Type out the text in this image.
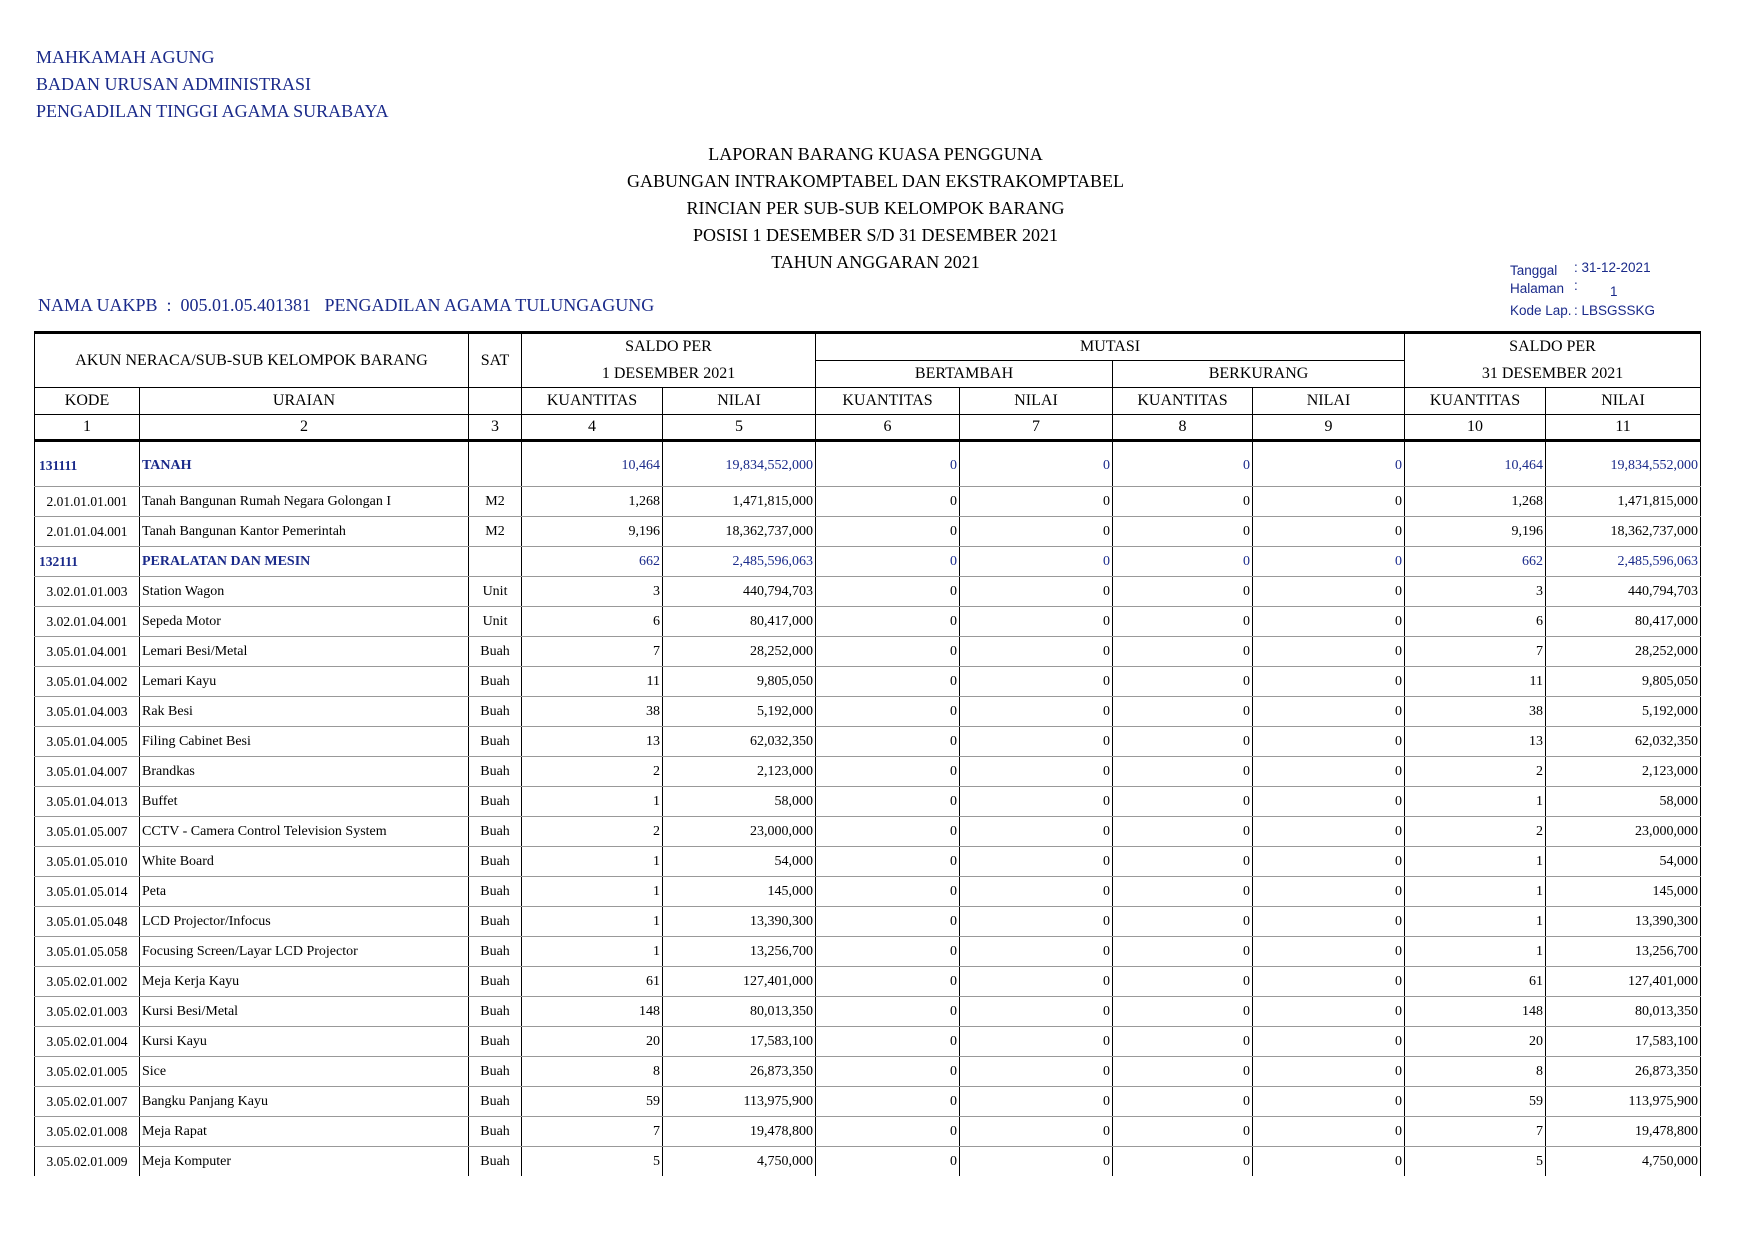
MAHKAMAH AGUNG
BADAN URUSAN ADMINISTRASI
PENGADILAN TINGGI AGAMA SURABAYA
LAPORAN BARANG KUASA PENGGUNA
GABUNGAN INTRAKOMPTABEL DAN EKSTRAKOMPTABEL
RINCIAN PER SUB-SUB KELOMPOK BARANG
POSISI 1 DESEMBER S/D 31 DESEMBER 2021
TAHUN ANGGARAN 2021
NAMA UAKPB  :  005.01.05.401381 PENGADILAN AGAMA TULUNGAGUNG
Tanggal : 31-12-2021
Halaman : 1
Kode Lap. : LBSGSSKG
AKUN NERACA/SUB-SUB KELOMPOK BARANG		SAT	SALDO PER		MUTASI				SALDO PER	
			1 DESEMBER 2021		BERTAMBAH		BERKURANG		31 DESEMBER 2021	
KODE	URAIAN		KUANTITAS	NILAI	KUANTITAS	NILAI	KUANTITAS	NILAI	KUANTITAS	NILAI
1	2	3	4	5	6	7	8	9	10	11
131111	TANAH		10,464	19,834,552,000	0	0	0	0	10,464	19,834,552,000
2.01.01.01.001	Tanah Bangunan Rumah Negara Golongan I	M2	1,268	1,471,815,000	0	0	0	0	1,268	1,471,815,000
2.01.01.04.001	Tanah Bangunan Kantor Pemerintah	M2	9,196	18,362,737,000	0	0	0	0	9,196	18,362,737,000
132111	PERALATAN DAN MESIN		662	2,485,596,063	0	0	0	0	662	2,485,596,063
3.02.01.01.003	Station Wagon	Unit	3	440,794,703	0	0	0	0	3	440,794,703
3.02.01.04.001	Sepeda Motor	Unit	6	80,417,000	0	0	0	0	6	80,417,000
3.05.01.04.001	Lemari Besi/Metal	Buah	7	28,252,000	0	0	0	0	7	28,252,000
3.05.01.04.002	Lemari Kayu	Buah	11	9,805,050	0	0	0	0	11	9,805,050
3.05.01.04.003	Rak Besi	Buah	38	5,192,000	0	0	0	0	38	5,192,000
3.05.01.04.005	Filing Cabinet Besi	Buah	13	62,032,350	0	0	0	0	13	62,032,350
3.05.01.04.007	Brandkas	Buah	2	2,123,000	0	0	0	0	2	2,123,000
3.05.01.04.013	Buffet	Buah	1	58,000	0	0	0	0	1	58,000
3.05.01.05.007	CCTV - Camera Control Television System	Buah	2	23,000,000	0	0	0	0	2	23,000,000
3.05.01.05.010	White Board	Buah	1	54,000	0	0	0	0	1	54,000
3.05.01.05.014	Peta	Buah	1	145,000	0	0	0	0	1	145,000
3.05.01.05.048	LCD Projector/Infocus	Buah	1	13,390,300	0	0	0	0	1	13,390,300
3.05.01.05.058	Focusing Screen/Layar LCD Projector	Buah	1	13,256,700	0	0	0	0	1	13,256,700
3.05.02.01.002	Meja Kerja Kayu	Buah	61	127,401,000	0	0	0	0	61	127,401,000
3.05.02.01.003	Kursi Besi/Metal	Buah	148	80,013,350	0	0	0	0	148	80,013,350
3.05.02.01.004	Kursi Kayu	Buah	20	17,583,100	0	0	0	0	20	17,583,100
3.05.02.01.005	Sice	Buah	8	26,873,350	0	0	0	0	8	26,873,350
3.05.02.01.007	Bangku Panjang Kayu	Buah	59	113,975,900	0	0	0	0	59	113,975,900
3.05.02.01.008	Meja Rapat	Buah	7	19,478,800	0	0	0	0	7	19,478,800
3.05.02.01.009	Meja Komputer	Buah	5	4,750,000	0	0	0	0	5	4,750,000
